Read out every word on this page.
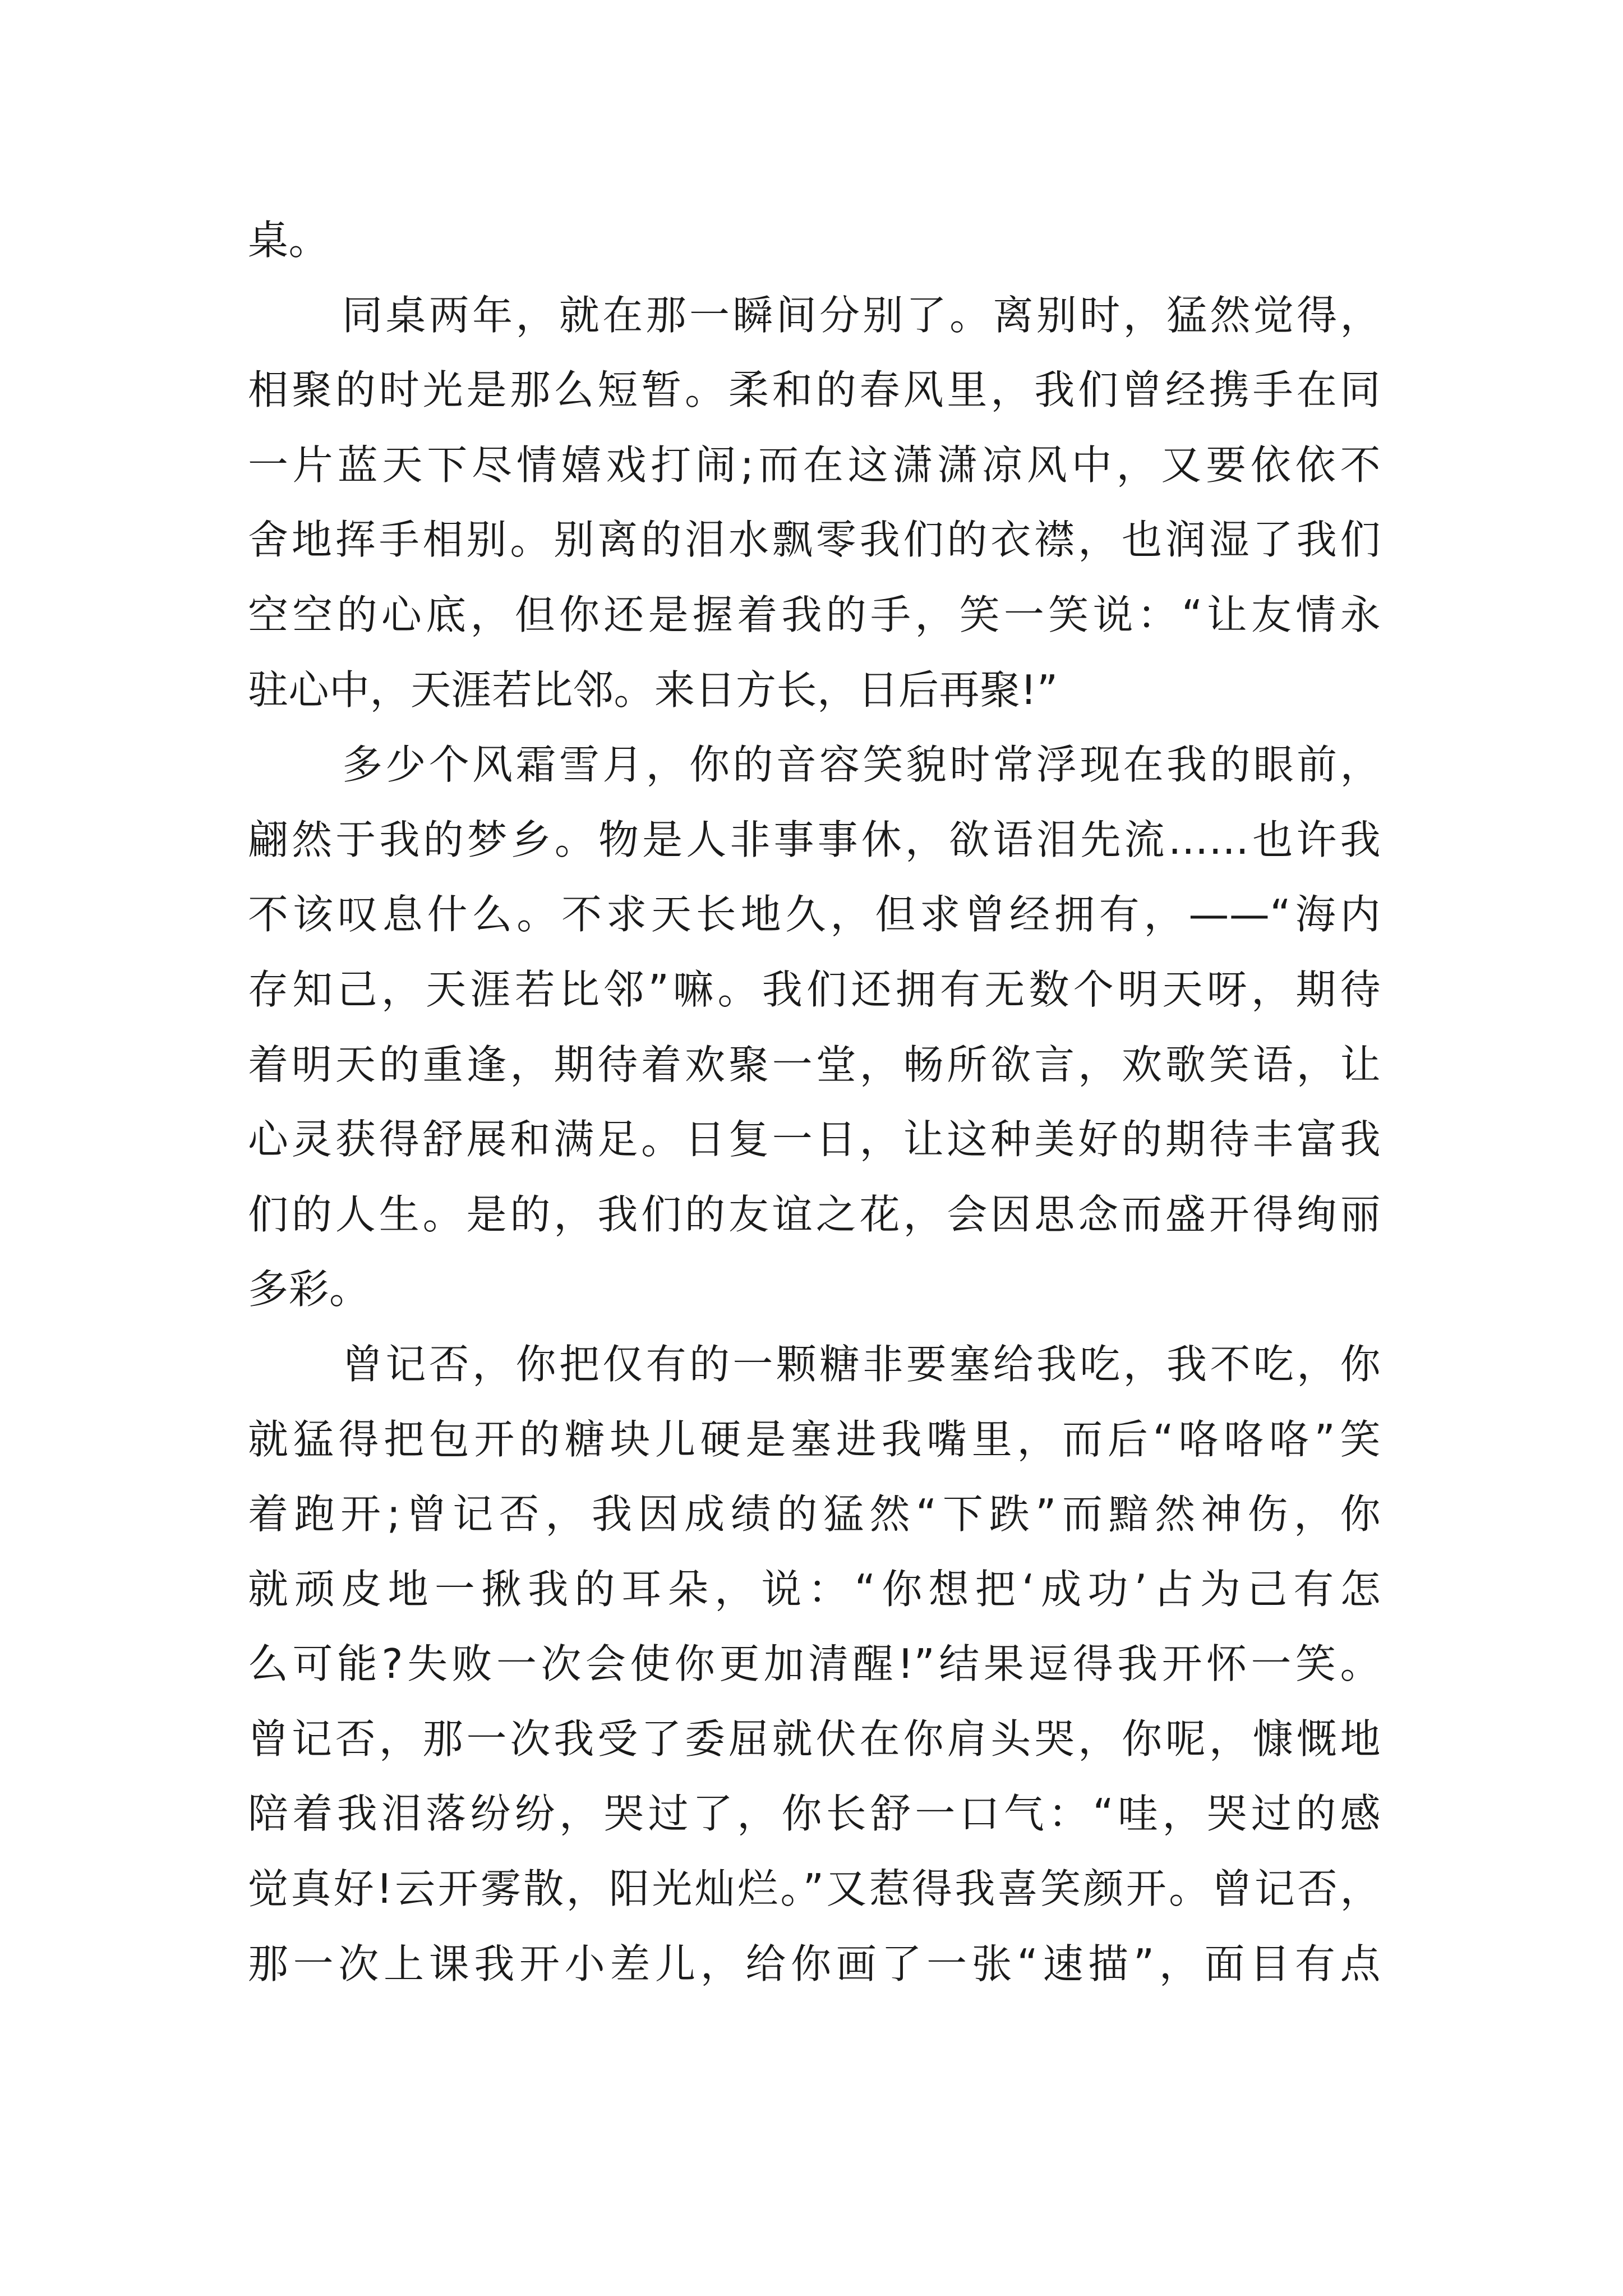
桌。
同桌两年，就在那一瞬间分别了。离别时，猛然觉得，
相聚的时光是那么短暂。柔和的春风里，我们曾经携手在同
一片蓝天下尽情嬉戏打闹;而在这潇潇凉风中，又要依依不
舍地挥手相别。别离的泪水飘零我们的衣襟，也润湿了我们
空空的心底，但你还是握着我的手，笑一笑说：“让友情永
驻心中，天涯若比邻。来日方长，日后再聚!”
多少个风霜雪月，你的音容笑貌时常浮现在我的眼前，
翩然于我的梦乡。物是人非事事休，欲语泪先流……也许我
不该叹息什么。不求天长地久，但求曾经拥有，——“海内
存知己，天涯若比邻”嘛。我们还拥有无数个明天呀，期待
着明天的重逢，期待着欢聚一堂，畅所欲言，欢歌笑语，让
心灵获得舒展和满足。日复一日，让这种美好的期待丰富我
们的人生。是的，我们的友谊之花，会因思念而盛开得绚丽
多彩。
曾记否，你把仅有的一颗糖非要塞给我吃，我不吃，你
就猛得把包开的糖块儿硬是塞进我嘴里，而后“咯咯咯”笑
着跑开;曾记否，我因成绩的猛然“下跌”而黯然神伤，你
就顽皮地一揪我的耳朵，说：“你想把‘成功’占为己有怎
么可能?失败一次会使你更加清醒!”结果逗得我开怀一笑。
曾记否，那一次我受了委屈就伏在你肩头哭，你呢，慷慨地
陪着我泪落纷纷，哭过了，你长舒一口气：“哇，哭过的感
觉真好!云开雾散，阳光灿烂。”又惹得我喜笑颜开。曾记否，
那一次上课我开小差儿，给你画了一张“速描”，面目有点
